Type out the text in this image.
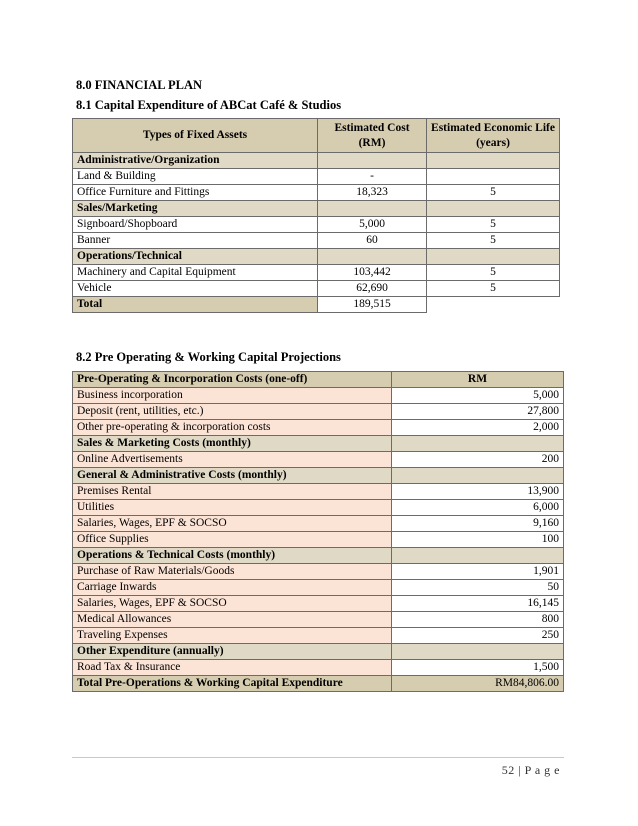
8.0 FINANCIAL PLAN
8.1 Capital Expenditure of ABCat Café & Studios
Types of Fixed Assets	Estimated Cost (RM)	Estimated Economic Life (years)
Administrative/Organization		
Land & Building	-	
Office Furniture and Fittings	18,323	5
Sales/Marketing		
Signboard/Shopboard	5,000	5
Banner	60	5
Operations/Technical		
Machinery and Capital Equipment	103,442	5
Vehicle	62,690	5
Total	189,515	
8.2 Pre Operating & Working Capital Projections
Pre-Operating & Incorporation Costs (one-off)	RM
Business incorporation	5,000
Deposit (rent, utilities, etc.)	27,800
Other pre-operating & incorporation costs	2,000
Sales & Marketing Costs (monthly)	
Online Advertisements	200
General & Administrative Costs (monthly)	
Premises Rental	13,900
Utilities	6,000
Salaries, Wages, EPF & SOCSO	9,160
Office Supplies	100
Operations & Technical Costs (monthly)	
Purchase of Raw Materials/Goods	1,901
Carriage Inwards	50
Salaries, Wages, EPF & SOCSO	16,145
Medical Allowances	800
Traveling Expenses	250
Other Expenditure (annually)	
Road Tax & Insurance	1,500
Total Pre-Operations & Working Capital Expenditure	RM84,806.00
52 | P a g e
